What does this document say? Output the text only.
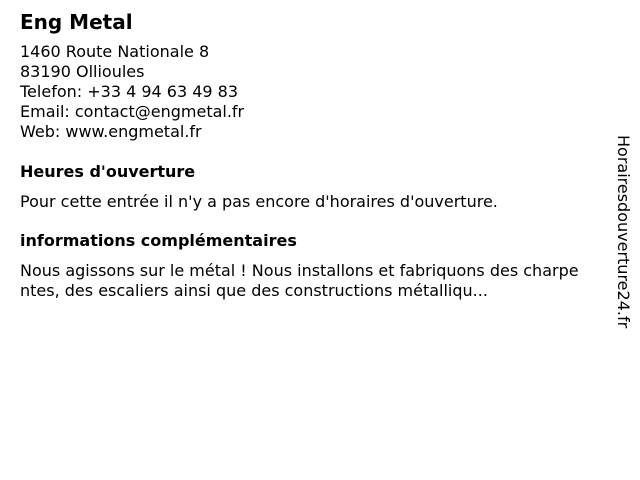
Eng Metal
1460 Route Nationale 8
83190 Ollioules
Telefon: +33 4 94 63 49 83
Email: contact@engmetal.fr
Web: www.engmetal.fr
Heures d'ouverture
Pour cette entrée il n'y a pas encore d'horaires d'ouverture.
informations complémentaires
Nous agissons sur le métal ! Nous installons et fabriquons des charpentes, des escaliers ainsi que des constructions métalliqu...	Horairesdouverture24.fr
